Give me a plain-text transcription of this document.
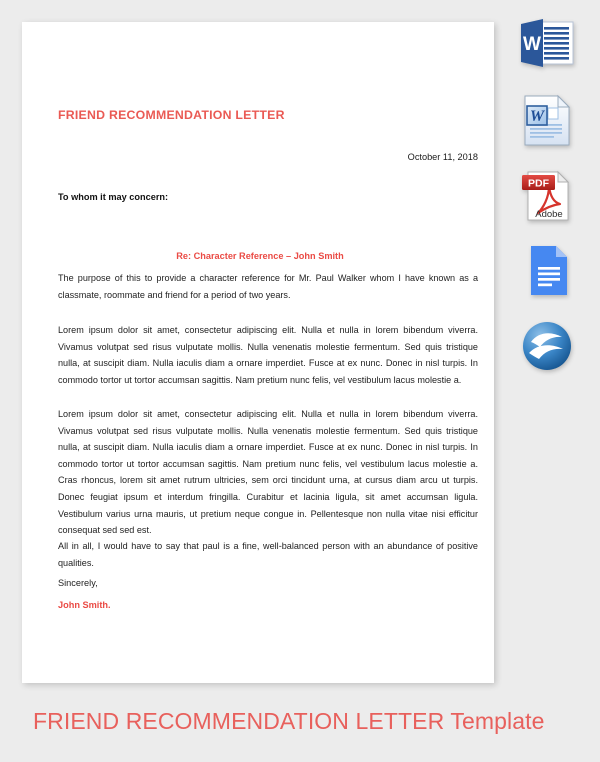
FRIEND RECOMMENDATION LETTER
October 11, 2018
To whom it may concern:
Re: Character Reference – John Smith

The purpose of this to provide a character reference for Mr. Paul Walker whom I have known as a classmate, roommate and friend for a period of two years.

Lorem ipsum dolor sit amet, consectetur adipiscing elit. Nulla et nulla in lorem bibendum viverra. Vivamus volutpat sed risus vulputate mollis. Nulla venenatis molestie fermentum. Sed quis tristique nulla, at suscipit diam. Nulla iaculis diam a ornare imperdiet. Fusce at ex nunc. Donec in nisl turpis. In commodo tortor ut tortor accumsan sagittis. Nam pretium nunc felis, vel vestibulum lacus molestie a.

Lorem ipsum dolor sit amet, consectetur adipiscing elit. Nulla et nulla in lorem bibendum viverra. Vivamus volutpat sed risus vulputate mollis. Nulla venenatis molestie fermentum. Sed quis tristique nulla, at suscipit diam. Nulla iaculis diam a ornare imperdiet. Fusce at ex nunc. Donec in nisl turpis. In commodo tortor ut tortor accumsan sagittis. Nam pretium nunc felis, vel vestibulum lacus molestie a. Cras rhoncus, lorem sit amet rutrum ultricies, sem orci tincidunt urna, at cursus diam arcu ut turpis. Donec feugiat ipsum et interdum fringilla. Curabitur et lacinia ligula, sit amet accumsan ligula. Vestibulum varius urna mauris, ut pretium neque congue in. Pellentesque non nulla vitae nisi efficitur consequat sed sed est.

All in all, I would have to say that paul is a fine, well-balanced person with an abundance of positive qualities.

Sincerely,
John Smith.
FRIEND RECOMMENDATION LETTER Template
W
W
Adobe
PDF
